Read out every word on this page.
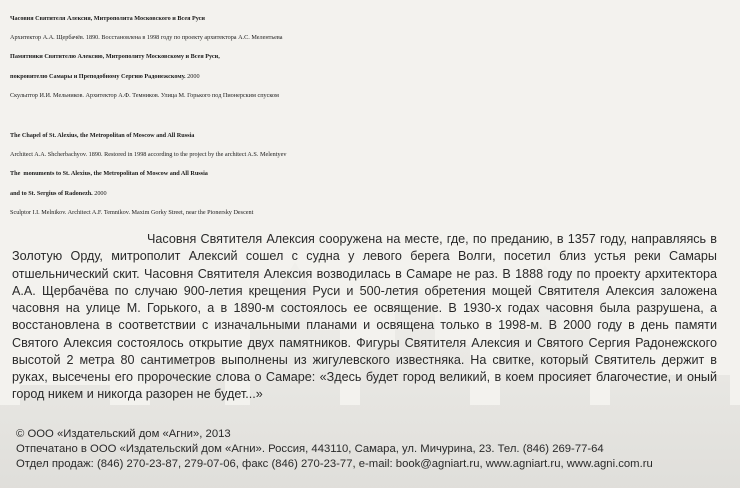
Часовня Святителя Алексия, Митрополита Московского и Всея Руси
Архитектор А.А. Щербачёв. 1890. Восстановлена в 1998 году по проекту архитектора А.С. Мелентьева
Памятники Святителю Алексию, Митрополиту Московскому и Всея Руси,
покровителю Самары и Преподобному Сергию Радонежскому. 2000
Скульптор И.И. Мельников. Архитектор А.Ф. Темников. Улица М. Горького под Пионерским спуском
The Chapel of St. Alexius, the Metropolitan of Moscow and All Russia
Architect A.A. Shcherbachyov. 1890. Restored in 1998 according to the project by the architect A.S. Melentyev
The  monuments to St. Alexius, the Metropolitan of Moscow and All Russia
and to St. Sergius of Radonezh. 2000
Sculptor I.I. Melnikov. Architect A.F. Temnikov. Maxim Gorky Street, near the Pionersky Descent
Часовня Святителя Алексия сооружена на месте, где, по преданию, в 1357 году, направляясь в Золотую Орду, митрополит Алексий сошел с судна у левого берега Волги, посетил близ устья реки Самары отшельнический скит. Часовня Святителя Алексия возводилась в Самаре не раз. В 1888 году по проекту архитектора А.А. Щербачёва по случаю 900-летия крещения Руси и 500-летия обретения мощей Святителя Алексия заложена часовня на улице М. Горького, а в 1890-м состоялось ее освящение. В 1930-х годах часовня была разрушена, а восстановлена в соответствии с изначальными планами и освящена только в 1998-м. В 2000 году в день памяти Святого Алексия состоялось открытие двух памятников. Фигуры Святителя Алексия и Святого Сергия Радонежского высотой 2 метра 80 сантиметров выполнены из жигулевского известняка. На свитке, который Святитель держит в руках, высечены его пророческие слова о Самаре: «Здесь будет город великий, в коем просияет благочестие, и оный город никем и никогда разорен не будет...»
© ООО «Издательский дом «Агни», 2013
Отпечатано в ООО «Издательский дом «Агни». Россия, 443110, Самара, ул. Мичурина, 23. Тел. (846) 269-77-64
Отдел продаж: (846) 270-23-87, 279-07-06, факс (846) 270-23-77, e-mail: book@agniart.ru, www.agniart.ru, www.agni.com.ru
